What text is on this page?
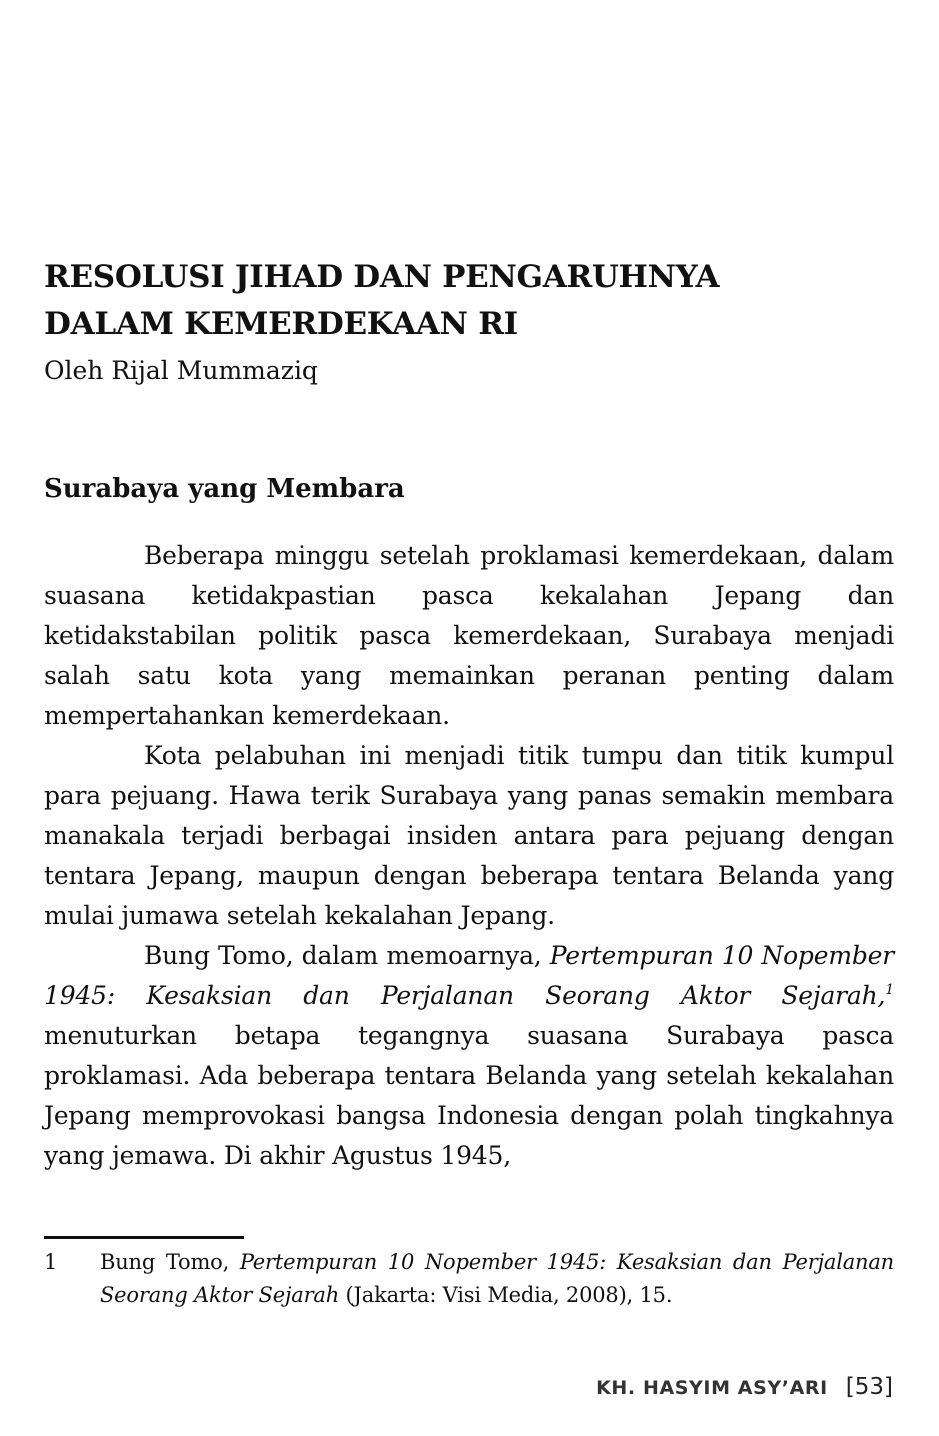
RESOLUSI JIHAD DAN PENGARUHNYA
DALAM KEMERDEKAAN RI

Oleh Rijal Mummaziq

Surabaya yang Membara

Beberapa minggu setelah proklamasi kemerdekaan, dalam suasana ketidakpastian pasca kekalahan Jepang dan ketidakstabilan politik pasca kemerdekaan, Surabaya menjadi salah satu kota yang memainkan peranan penting dalam mempertahankan kemerdekaan.

Kota pelabuhan ini menjadi titik tumpu dan titik kumpul para pejuang. Hawa terik Surabaya yang panas semakin membara manakala terjadi berbagai insiden antara para pejuang dengan tentara Jepang, maupun dengan beberapa tentara Belanda yang mulai jumawa setelah kekalahan Jepang.

Bung Tomo, dalam memoarnya, Pertempuran 10 Nopember 1945: Kesaksian dan Perjalanan Seorang Aktor Sejarah,$^1$ menuturkan betapa tegangnya suasana Surabaya pasca proklamasi. Ada beberapa tentara Belanda yang setelah kekalahan Jepang memprovokasi bangsa Indonesia dengan polah tingkahnya yang jemawa. Di akhir Agustus 1945,

1 Bung Tomo, Pertempuran 10 Nopember 1945: Kesaksian dan Perjalanan Seorang Aktor Sejarah (Jakarta: Visi Media, 2008), 15.
KH. HASYIM ASY’ARI [53]
